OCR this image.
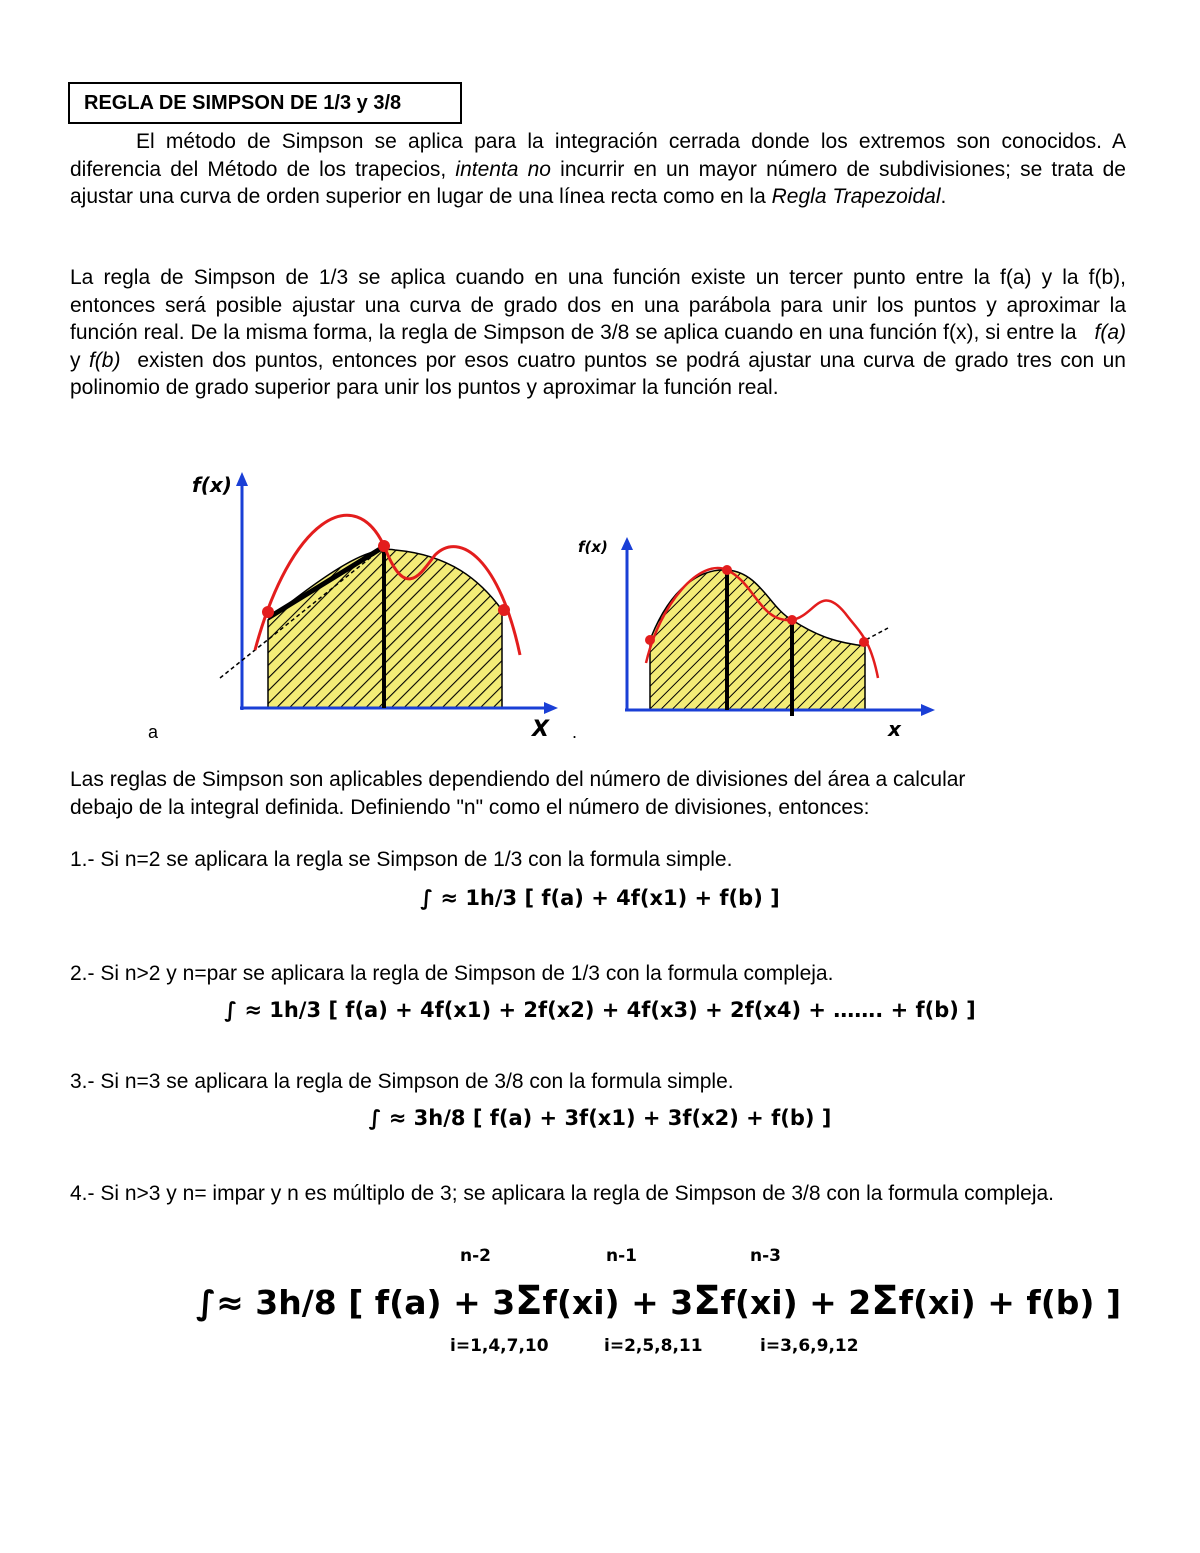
REGLA DE SIMPSON DE 1/3 y 3/8

El método de Simpson se aplica para la integración cerrada donde los extremos son conocidos. A diferencia del Método de los trapecios, intenta no incurrir en un mayor número de subdivisiones; se trata de ajustar una curva de orden superior en lugar de una línea recta como en la Regla Trapezoidal.

La regla de Simpson de 1/3 se aplica cuando en una función existe un tercer punto entre la f(a) y la f(b), entonces será posible ajustar una curva de grado dos en una parábola para unir los puntos y aproximar la función real. De la misma forma, la regla de Simpson de 3/8 se aplica cuando en una función f(x), si entre la f(a) y f(b) existen dos puntos, entonces por esos cuatro puntos se podrá ajustar una curva de grado tres con un polinomio de grado superior para unir los puntos y aproximar la función real.

f(x)
X
a
f(x)
x
.
Las reglas de Simpson son aplicables dependiendo del número de divisiones del área a calcular
debajo de la integral definida. Definiendo "n" como el número de divisiones, entonces:
1.- Si n=2 se aplicara la regla se Simpson de 1/3 con la formula simple.
∫ ≈ 1h/3 [ f(a) + 4f(x1) + f(b) ]
2.- Si n>2 y n=par se aplicara la regla de Simpson de 1/3 con la formula compleja.
∫ ≈ 1h/3 [ f(a) + 4f(x1) + 2f(x2) + 4f(x3) + 2f(x4) + ……. + f(b) ]
3.- Si n=3 se aplicara la regla de Simpson de 3/8 con la formula simple.
∫ ≈ 3h/8 [ f(a) + 3f(x1) + 3f(x2) + f(b) ]
4.- Si n>3 y n= impar y n es múltiplo de 3; se aplicara la regla de Simpson de 3/8 con la formula compleja.
n-2	n-1	n-3
∫≈ 3h/8 [ f(a) + 3Σf(xi) + 3Σf(xi) + 2Σf(xi) + f(b) ]
i=1,4,7,10	i=2,5,8,11	i=3,6,9,12
